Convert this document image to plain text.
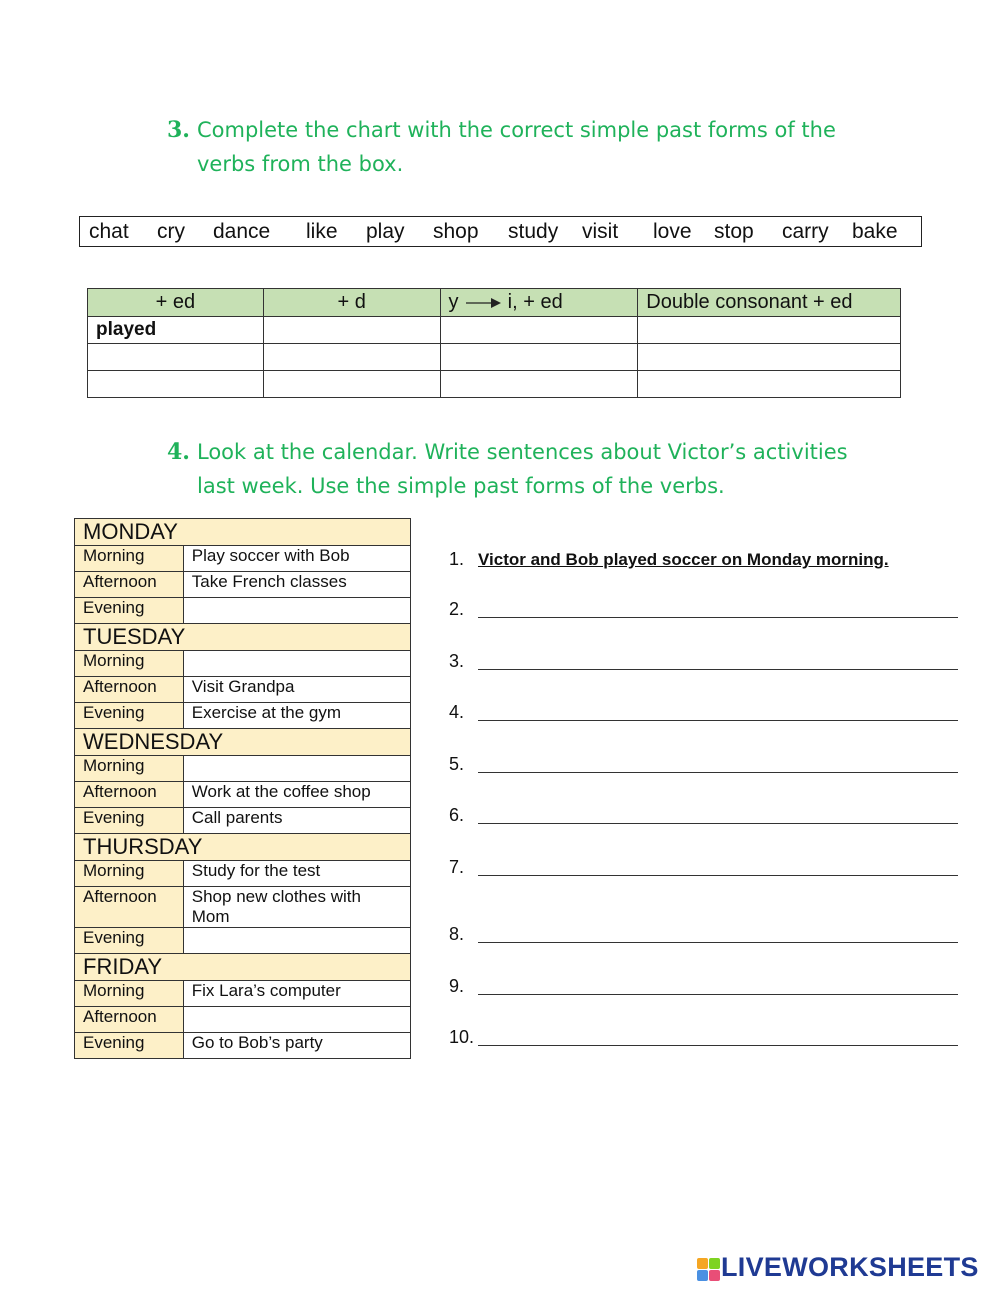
3. Complete the chart with the correct simple past forms of the
verbs from the box.
chat cry dance like play shop study visit love stop carry bake
+ ed	+ d	y i, + ed	Double consonant + ed
played			

4. Look at the calendar. Write sentences about Victor’s activities
last week. Use the simple past forms of the verbs.
MONDAY	
Morning	Play soccer with Bob
Afternoon	Take French classes
Evening	
TUESDAY	
Morning	
Afternoon	Visit Grandpa
Evening	Exercise at the gym
WEDNESDAY	
Morning	
Afternoon	Work at the coffee shop
Evening	Call parents
THURSDAY	
Morning	Study for the test
Afternoon	Shop new clothes with Mom
Evening	
FRIDAY	
Morning	Fix Lara’s computer
Afternoon	
Evening	Go to Bob’s party
1. Victor and Bob played soccer on Monday morning.
2.
3.
4.
5.
6.
7.
8.
9.
10.
LIVEWORKSHEETS
